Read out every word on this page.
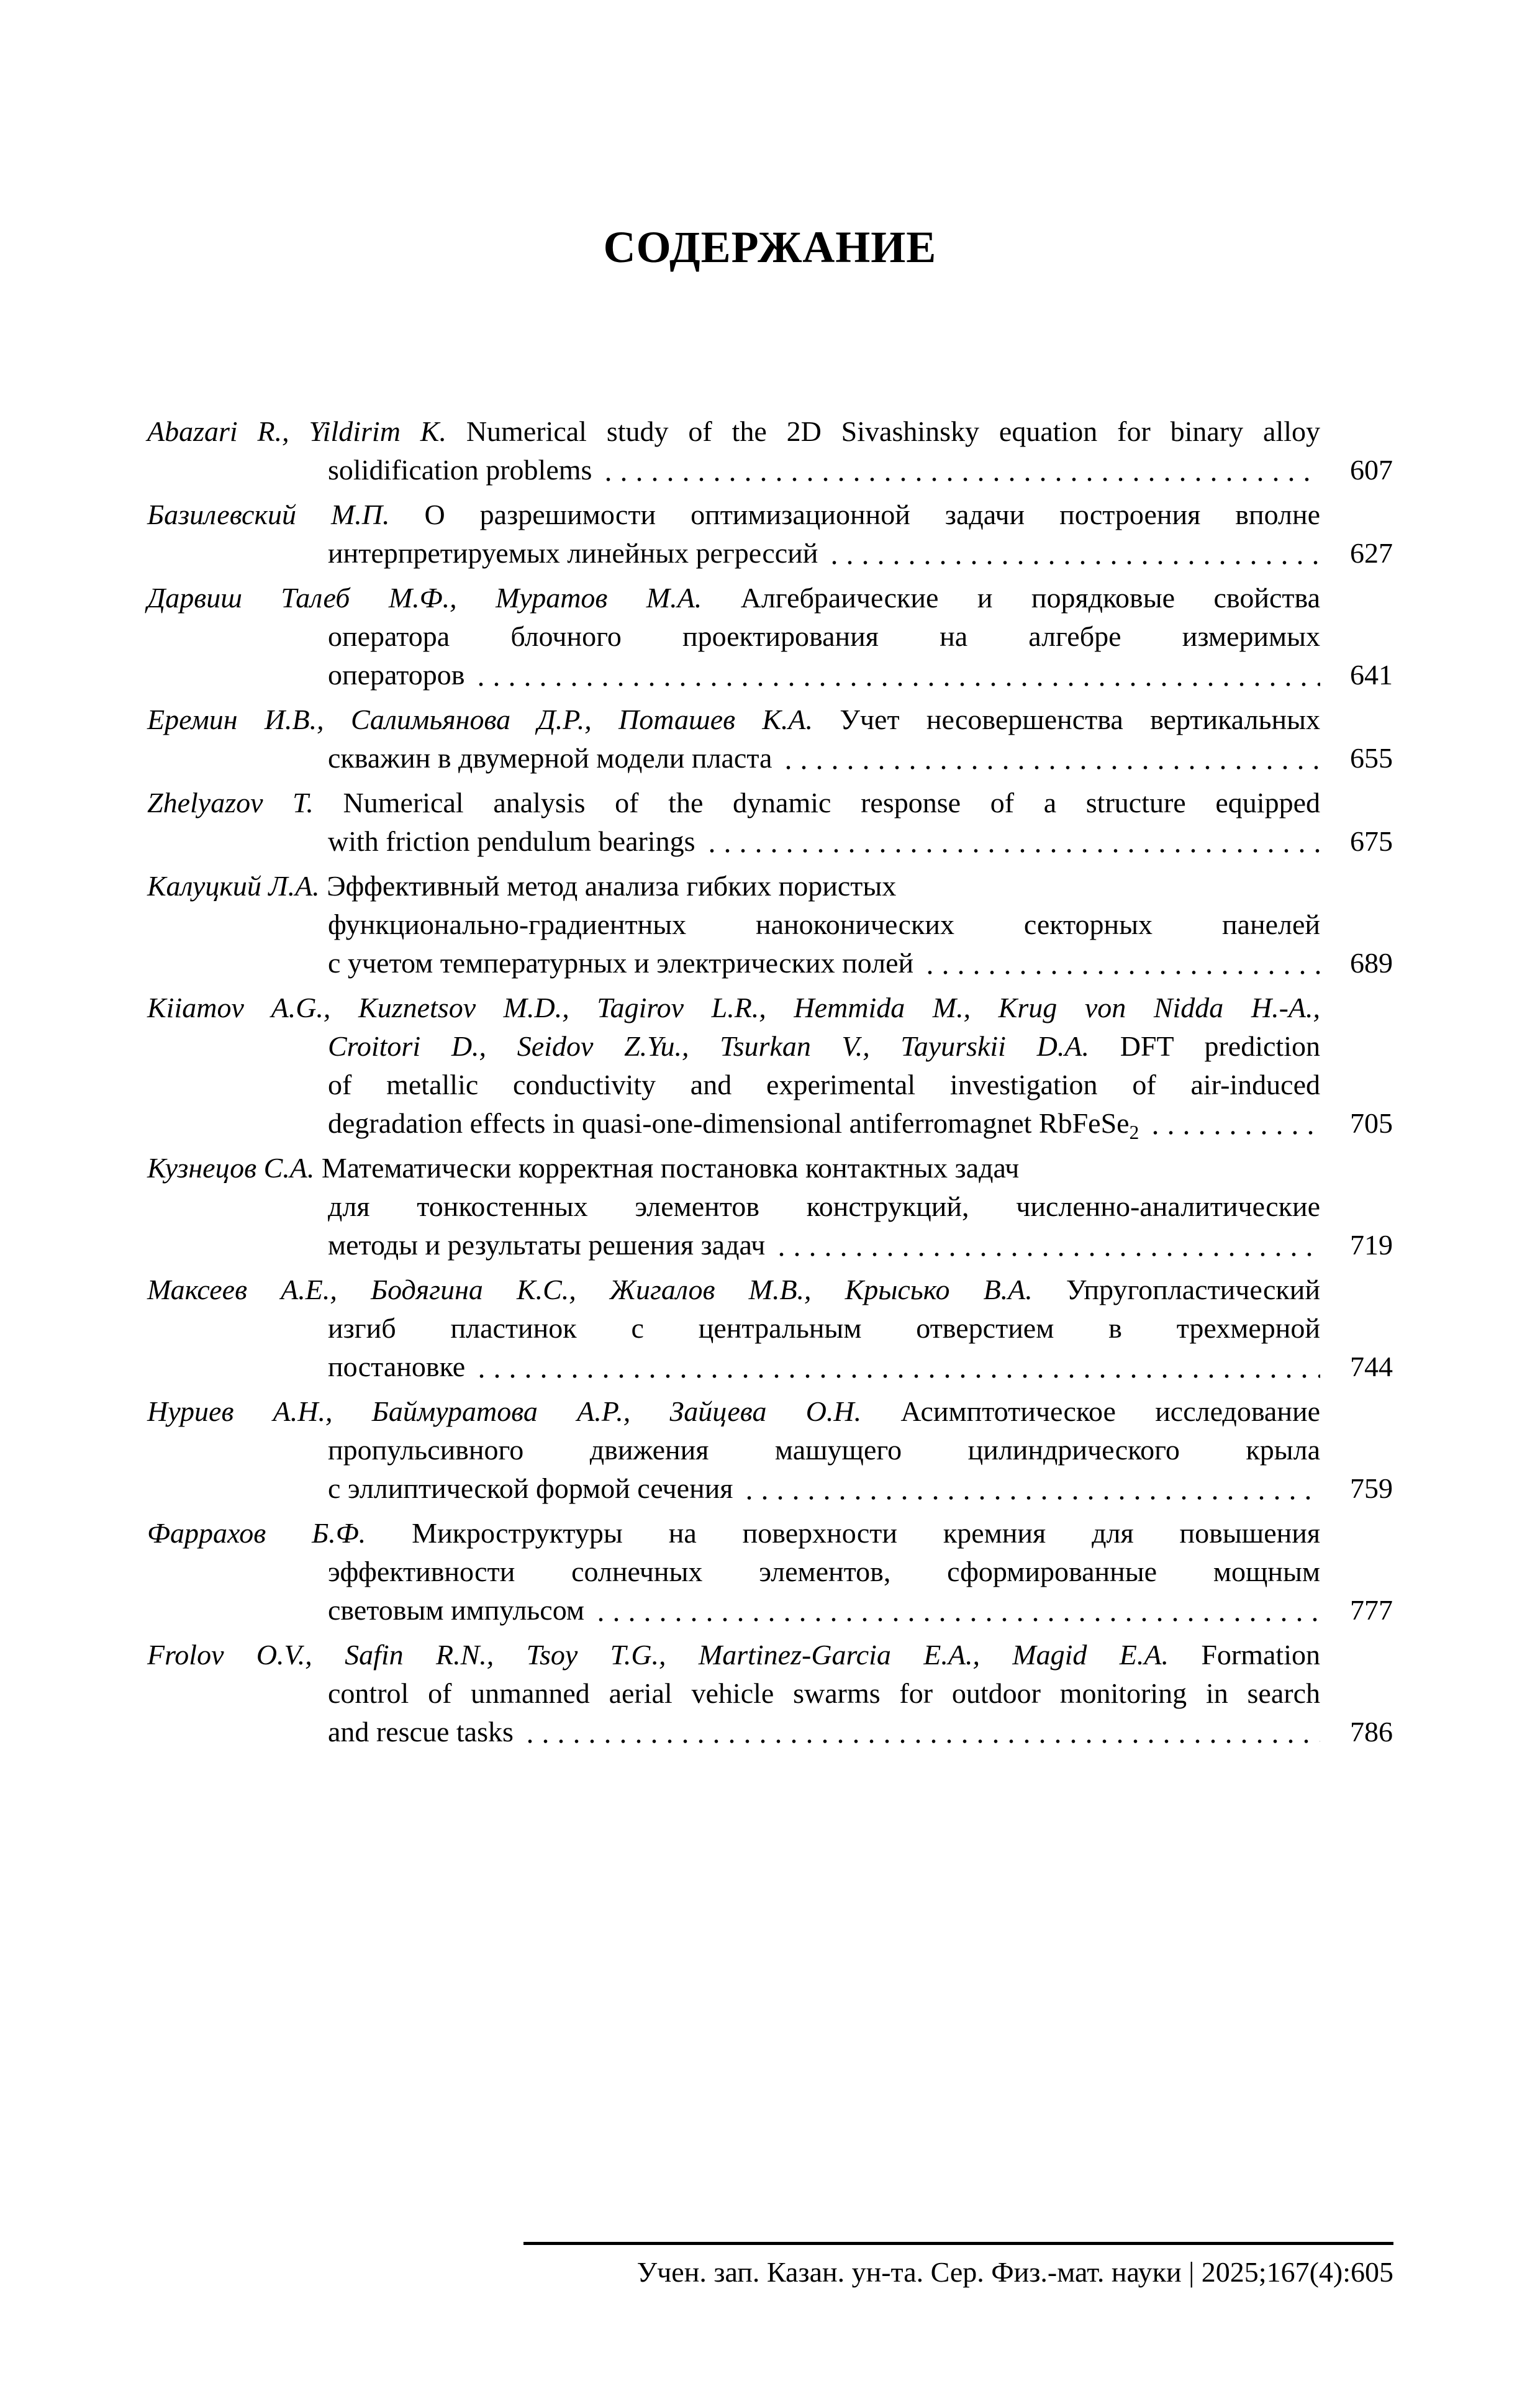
СОДЕРЖАНИЕ
Abazari R., Yildirim K. Numerical study of the 2D Sivashinsky equation for binary alloy
solidification problems	607
Базилевский М.П. О разрешимости оптимизационной задачи построения вполне
интерпретируемых линейных регрессий	627
Дарвиш Талеб М.Ф., Муратов М.А. Алгебраические и порядковые свойства
оператора блочного проектирования на алгебре измеримых
операторов	641
Еремин И.В., Салимьянова Д.Р., Поташев К.А. Учет несовершенства вертикальных
скважин в двумерной модели пласта	655
Zhelyazov T. Numerical analysis of the dynamic response of a structure equipped
with friction pendulum bearings	675
Калуцкий Л.А. Эффективный метод анализа гибких пористых
функционально-градиентных наноконических секторных панелей
с учетом температурных и электрических полей	689
Kiiamov A.G., Kuznetsov M.D., Tagirov L.R., Hemmida M., Krug von Nidda H.-A.,
Croitori D., Seidov Z.Yu., Tsurkan V., Tayurskii D.A. DFT prediction
of metallic conductivity and experimental investigation of air-induced
degradation effects in quasi-one-dimensional antiferromagnet RbFeSe$_2$	705
Кузнецов С.А. Математически корректная постановка контактных задач
для тонкостенных элементов конструкций, численно-аналитические
методы и результаты решения задач	719
Максеев А.Е., Бодягина К.С., Жигалов М.В., Крысько В.А. Упругопластический
изгиб пластинок с центральным отверстием в трехмерной
постановке	744
Нуриев А.Н., Баймуратова А.Р., Зайцева О.Н. Асимптотическое исследование
пропульсивного движения машущего цилиндрического крыла
с эллиптической формой сечения	759
Фаррахов Б.Ф. Микроструктуры на поверхности кремния для повышения
эффективности солнечных элементов, сформированные мощным
световым импульсом	777
Frolov O.V., Safin R.N., Tsoy T.G., Martinez-Garcia E.A., Magid E.A. Formation
control of unmanned aerial vehicle swarms for outdoor monitoring in search
and rescue tasks	786
Учен. зап. Казан. ун-та. Сер. Физ.-мат. науки | 2025;167(4):605
